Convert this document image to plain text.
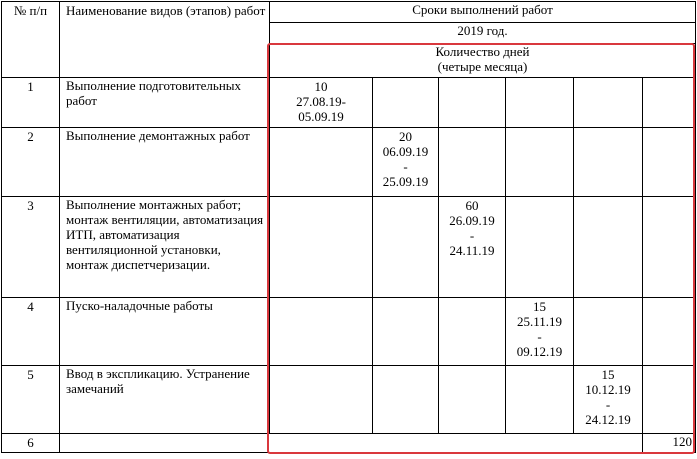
№ п/п	Наименование видов (этапов) работ	Сроки выполнений работ					
		2019 год.					

		Количество дней
(четыре месяца)					

1	Выполнение подготовительных работ	10
27.08.19-
05.09.19					

2	Выполнение демонтажных работ		20
06.09.19
-
25.09.19				

3	Выполнение монтажных работ; монтаж вентиляции, автоматизация ИТП, автоматизация вентиляционной установки, монтаж диспетчеризации.			60
26.09.19
-
24.11.19			

4	Пуско-наладочные работы				15
25.11.19
-
09.12.19		

5	Ввод в экспликацию. Устранение замечаний					15
10.12.19
-
24.12.19	

6							120
